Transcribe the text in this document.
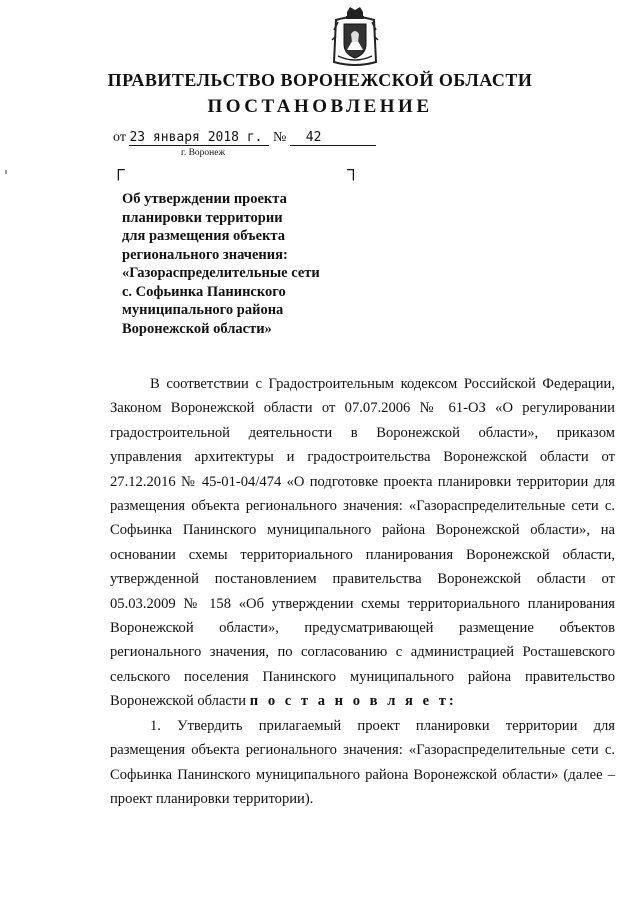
ПРАВИТЕЛЬСТВО ВОРОНЕЖСКОЙ ОБЛАСТИ
ПОСТАНОВЛЕНИЕ
от 23 января 2018 г. № 42
г. Воронеж
┌	┐
Об утверждении проекта
планировки территории
для размещения объекта
регионального значения:
«Газораспределительные сети
с. Софьинка Панинского
муниципального района
Воронежской области»

В соответствии с Градостроительным кодексом Российской Федерации, Законом Воронежской области от 07.07.2006 № 61-ОЗ «О регулировании градостроительной деятельности в Воронежской области», приказом управления архитектуры и градостроительства Воронежской области от 27.12.2016 № 45-01-04/474 «О подготовке проекта планировки территории для размещения объекта регионального значения: «Газораспределительные сети с. Софьинка Панинского муниципального района Воронежской области», на основании схемы территориального планирования Воронежской области, утвержденной постановлением правительства Воронежской области от 05.03.2009 № 158 «Об утверждении схемы территориального планирования Воронежской области», предусматривающей размещение объектов регионального значения, по согласованию с администрацией Росташевского сельского поселения Панинского муниципального района правительство Воронежской области п о с т а н о в л я е т:

1. Утвердить прилагаемый проект планировки территории для размещения объекта регионального значения: «Газораспределительные сети с. Софьинка Панинского муниципального района Воронежской области» (далее – проект планировки территории).
